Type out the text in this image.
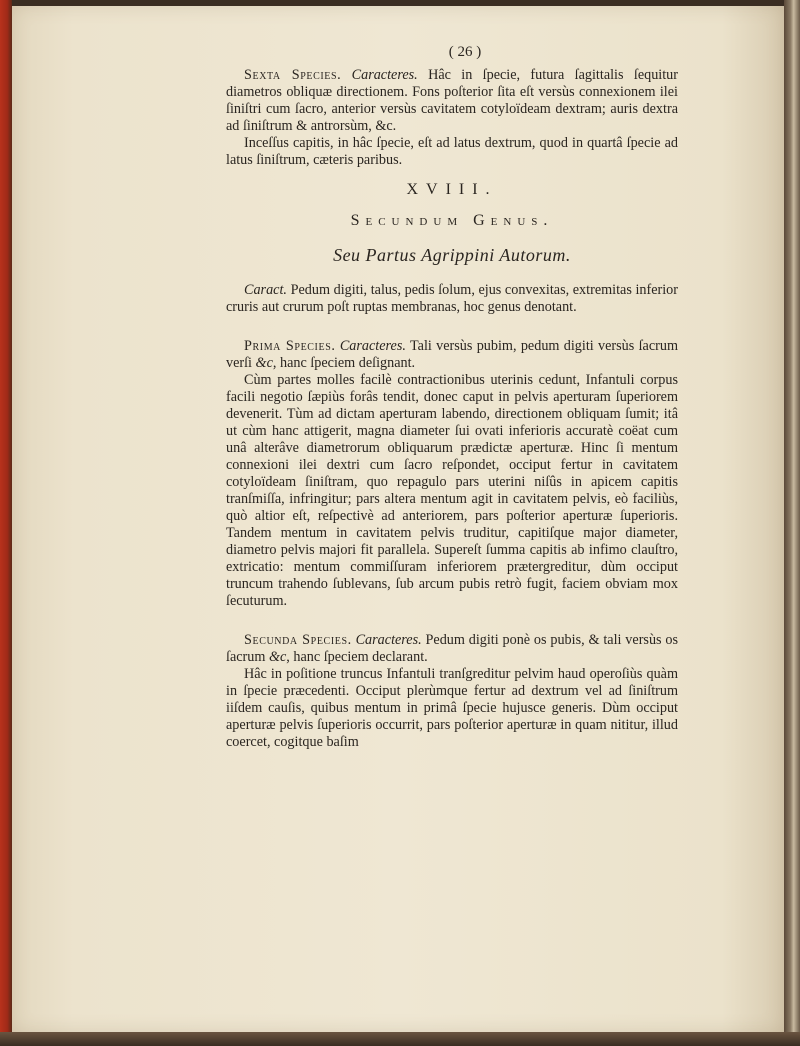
( 26 )

Sexta Species. Caracteres. Hâc in ſpecie, futura ſagittalis ſequitur diametros obliquæ directionem. Fons poſterior ſita eſt versùs connexionem ilei ſiniſtri cum ſacro, anterior versùs cavitatem cotyloïdeam dextram; auris dextra ad ſiniſtrum & antrorsùm, &c.

Inceſſus capitis, in hâc ſpecie, eſt ad latus dextrum, quod in quartâ ſpecie ad latus ſiniſtrum, cæteris paribus.

XVIII.
Secundum Genus.
Seu Partus Agrippini Autorum.

Caract. Pedum digiti, talus, pedis ſolum, ejus convexitas, extremitas inferior cruris aut crurum poſt ruptas membranas, hoc genus denotant.

Prima Species. Caracteres. Tali versùs pubim, pedum digiti versùs ſacrum verſi &c, hanc ſpeciem deſignant.

Cùm partes molles facilè contractionibus uterinis cedunt, Infantuli corpus facili negotio ſæpiùs forâs tendit, donec caput in pelvis aperturam ſuperiorem devenerit. Tùm ad dictam aperturam labendo, directionem obliquam ſumit; itâ ut cùm hanc attigerit, magna diameter ſui ovati inferioris accuratè coëat cum unâ alterâve diametrorum obliquarum prædictæ aperturæ. Hinc ſi mentum connexioni ilei dextri cum ſacro reſpondet, occiput fertur in cavitatem cotyloïdeam ſiniſtram, quo repagulo pars uterini niſûs in apicem capitis tranſmiſſa, infringitur; pars altera mentum agit in cavitatem pelvis, eò faciliùs, quò altior eſt, reſpectivè ad anteriorem, pars poſterior aperturæ ſuperioris. Tandem mentum in cavitatem pelvis truditur, capitiſque major diameter, diametro pelvis majori fit parallela. Supereſt ſumma capitis ab infimo clauſtro, extricatio: mentum commiſſuram inferiorem prætergreditur, dùm occiput truncum trahendo ſublevans, ſub arcum pubis retrò fugit, faciem obviam mox ſecuturum.

Secunda Species. Caracteres. Pedum digiti ponè os pubis, & tali versùs os ſacrum &c, hanc ſpeciem declarant.

Hâc in poſitione truncus Infantuli tranſgreditur pelvim haud operoſiùs quàm in ſpecie præcedenti. Occiput plerùmque fertur ad dextrum vel ad ſiniſtrum iiſdem cauſis, quibus mentum in primâ ſpecie hujusce generis. Dùm occiput aperturæ pelvis ſuperioris occurrit, pars poſterior aperturæ in quam nititur, illud coercet, cogitque baſim
